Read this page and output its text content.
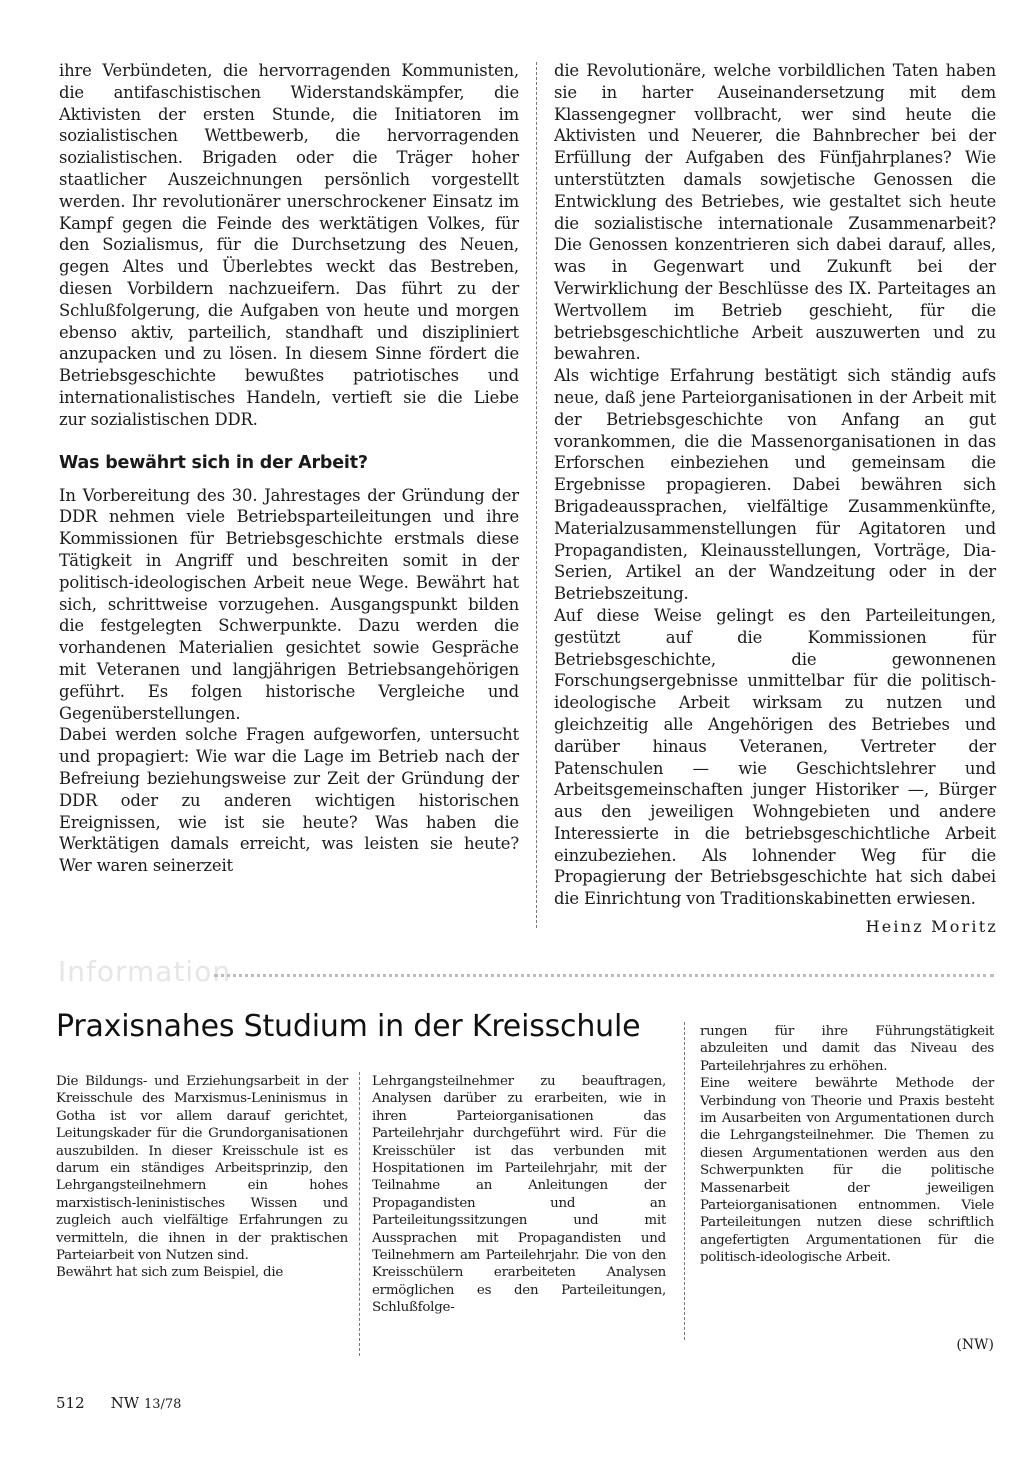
ihre Verbündeten, die hervorragenden Kommunisten, die antifaschistischen Widerstandskämpfer, die Aktivisten der ersten Stunde, die Initiatoren im sozialistischen Wettbewerb, die hervorragenden sozialistischen. Brigaden oder die Träger hoher staatlicher Auszeichnungen persönlich vorgestellt werden. Ihr revolutionärer unerschrockener Einsatz im Kampf gegen die Feinde des werktätigen Volkes, für den Sozialismus, für die Durchsetzung des Neuen, gegen Altes und Überlebtes weckt das Bestreben, diesen Vorbildern nachzueifern. Das führt zu der Schlußfolgerung, die Aufgaben von heute und morgen ebenso aktiv, parteilich, standhaft und diszipliniert anzupacken und zu lösen. In diesem Sinne fördert die Betriebsgeschichte bewußtes patriotisches und internationalistisches Handeln, vertieft sie die Liebe zur sozialistischen DDR.

Was bewährt sich in der Arbeit?

In Vorbereitung des 30. Jahrestages der Gründung der DDR nehmen viele Betriebsparteileitungen und ihre Kommissionen für Betriebsgeschichte erstmals diese Tätigkeit in Angriff und beschreiten somit in der politisch-ideologischen Arbeit neue Wege. Bewährt hat sich, schrittweise vorzugehen. Ausgangspunkt bilden die festgelegten Schwerpunkte. Dazu werden die vorhandenen Materialien gesichtet sowie Gespräche mit Veteranen und langjährigen Betriebsangehörigen geführt. Es folgen historische Vergleiche und Gegenüberstellungen.

Dabei werden solche Fragen aufgeworfen, untersucht und propagiert: Wie war die Lage im Betrieb nach der Befreiung beziehungsweise zur Zeit der Gründung der DDR oder zu anderen wichtigen historischen Ereignissen, wie ist sie heute? Was haben die Werktätigen damals erreicht, was leisten sie heute? Wer waren seinerzeit

die Revolutionäre, welche vorbildlichen Taten haben sie in harter Auseinandersetzung mit dem Klassengegner vollbracht, wer sind heute die Aktivisten und Neuerer, die Bahnbrecher bei der Erfüllung der Aufgaben des Fünfjahrplanes? Wie unterstützten damals sowjetische Genossen die Entwicklung des Betriebes, wie gestaltet sich heute die sozialistische internationale Zusammenarbeit? Die Genossen konzentrieren sich dabei darauf, alles, was in Gegenwart und Zukunft bei der Verwirklichung der Beschlüsse des IX. Parteitages an Wertvollem im Betrieb geschieht, für die betriebsgeschichtliche Arbeit auszuwerten und zu bewahren.

Als wichtige Erfahrung bestätigt sich ständig aufs neue, daß jene Parteiorganisationen in der Arbeit mit der Betriebsgeschichte von Anfang an gut vorankommen, die die Massenorganisationen in das Erforschen einbeziehen und gemeinsam die Ergebnisse propagieren. Dabei bewähren sich Brigadeaussprachen, vielfältige Zusammenkünfte, Materialzusammenstellungen für Agitatoren und Propagandisten, Kleinausstellungen, Vorträge, Dia-Serien, Artikel an der Wandzeitung oder in der Betriebszeitung.

Auf diese Weise gelingt es den Parteileitungen, gestützt auf die Kommissionen für Betriebsgeschichte, die gewonnenen Forschungsergebnisse unmittelbar für die politisch-ideologische Arbeit wirksam zu nutzen und gleichzeitig alle Angehörigen des Betriebes und darüber hinaus Veteranen, Vertreter der Patenschulen — wie Geschichtslehrer und Arbeitsgemeinschaften junger Historiker —, Bürger aus den jeweiligen Wohngebieten und andere Interessierte in die betriebsgeschichtliche Arbeit einzubeziehen. Als lohnender Weg für die Propagierung der Betriebsgeschichte hat sich dabei die Einrichtung von Traditionskabinetten erwiesen.

Heinz Moritz
Information
Praxisnahes Studium in der Kreisschule

Die Bildungs- und Erziehungsarbeit in der Kreisschule des Marxismus-Leninismus in Gotha ist vor allem darauf gerichtet, Leitungskader für die Grundorganisationen auszubilden. In dieser Kreisschule ist es darum ein ständiges Arbeitsprinzip, den Lehrgangsteilnehmern ein hohes marxistisch-leninistisches Wissen und zugleich auch vielfältige Erfahrungen zu vermitteln, die ihnen in der praktischen Parteiarbeit von Nutzen sind.

Bewährt hat sich zum Beispiel, die

Lehrgangsteilnehmer zu beauftragen, Analysen darüber zu erarbeiten, wie in ihren Parteiorganisationen das Parteilehrjahr durchgeführt wird. Für die Kreisschüler ist das verbunden mit Hospitationen im Parteilehrjahr, mit der Teilnahme an Anleitungen der Propagandisten und an Parteileitungssitzungen und mit Aussprachen mit Propagandisten und Teilnehmern am Parteilehrjahr. Die von den Kreisschülern erarbeiteten Analysen ermöglichen es den Parteileitungen, Schlußfolge-

rungen für ihre Führungstätigkeit abzuleiten und damit das Niveau des Parteilehrjahres zu erhöhen.

Eine weitere bewährte Methode der Verbindung von Theorie und Praxis besteht im Ausarbeiten von Argumentationen durch die Lehrgangsteilnehmer. Die Themen zu diesen Argumentationen werden aus den Schwerpunkten für die politische Massenarbeit der jeweiligen Parteiorganisationen entnommen. Viele Parteileitungen nutzen diese schriftlich angefertigten Argumentationen für die politisch-ideologische Arbeit.

(NW)
512 NW 13/78
